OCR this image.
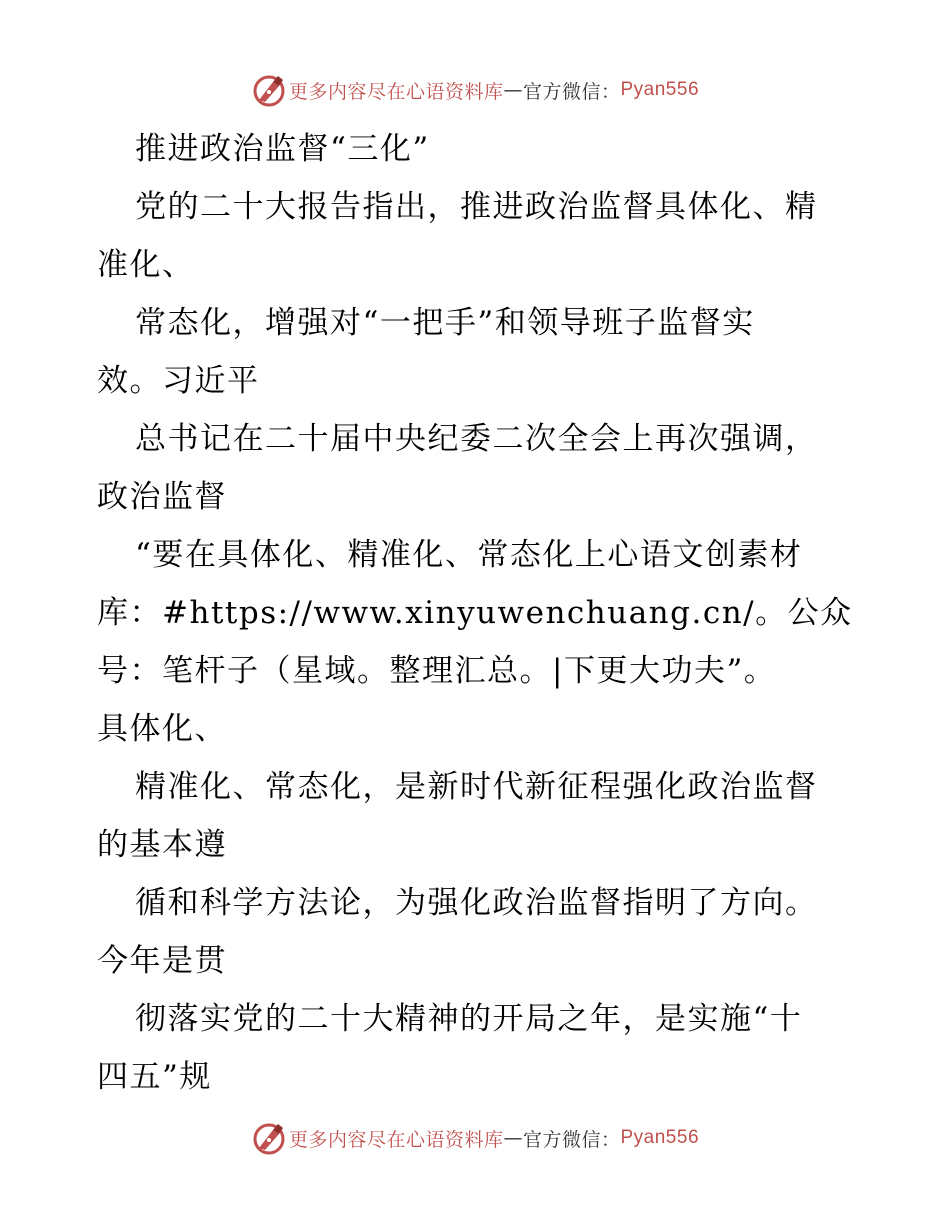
更多内容尽在心语资料库 — 官方微信： Pyan556
推进政治监督“三化”
党的二十大报告指出，推进政治监督具体化、精
准化、
常态化，增强对“一把手”和领导班子监督实
效。习近平
总书记在二十届中央纪委二次全会上再次强调，
政治监督
“要在具体化、精准化、常态化上心语文创素材
库：#https://www.xinyuwenchuang.cn/。公众
号：笔杆子（星域。整理汇总。|下更大功夫”。
具体化、
精准化、常态化，是新时代新征程强化政治监督
的基本遵
循和科学方法论，为强化政治监督指明了方向。
今年是贯
彻落实党的二十大精神的开局之年，是实施“十
四五”规
更多内容尽在心语资料库 — 官方微信： Pyan556
